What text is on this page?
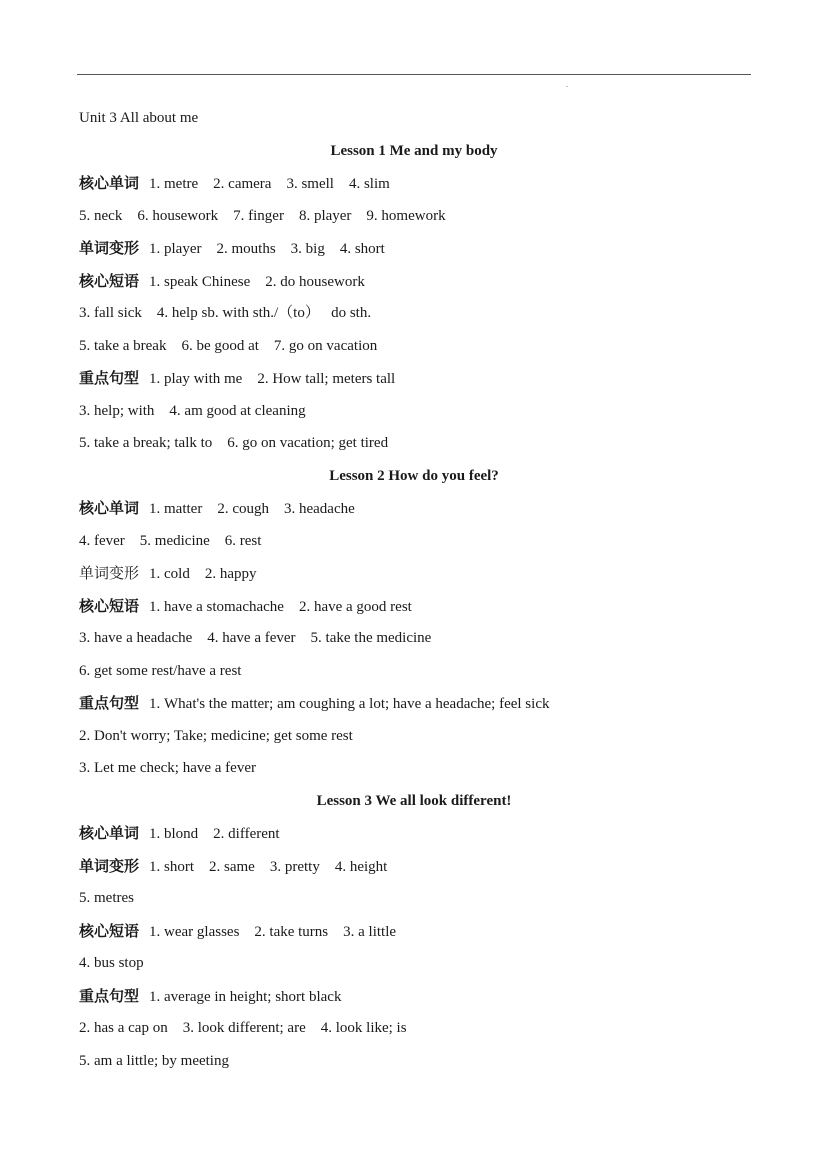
.
Unit 3 All about me
Lesson 1 Me and my body
核心单词 1. metre    2. camera    3. smell    4. slim
5. neck    6. housework    7. finger    8. player    9. homework
单词变形 1. player    2. mouths    3. big    4. short
核心短语 1. speak Chinese    2. do housework
3. fall sick    4. help sb. with sth./（to）   do sth.
5. take a break    6. be good at    7. go on vacation
重点句型 1. play with me    2. How tall; meters tall
3. help; with    4. am good at cleaning
5. take a break; talk to    6. go on vacation; get tired
Lesson 2 How do you feel?
核心单词 1. matter    2. cough    3. headache
4. fever    5. medicine    6. rest
单词变形 1. cold    2. happy
核心短语 1. have a stomachache    2. have a good rest
3. have a headache    4. have a fever    5. take the medicine
6. get some rest/have a rest
重点句型 1. What's the matter; am coughing a lot; have a headache; feel sick
2. Don't worry; Take; medicine; get some rest
3. Let me check; have a fever
Lesson 3 We all look different!
核心单词 1. blond    2. different
单词变形 1. short    2. same    3. pretty    4. height
5. metres
核心短语 1. wear glasses    2. take turns    3. a little
4. bus stop
重点句型 1. average in height; short black
2. has a cap on    3. look different; are    4. look like; is
5. am a little; by meeting
